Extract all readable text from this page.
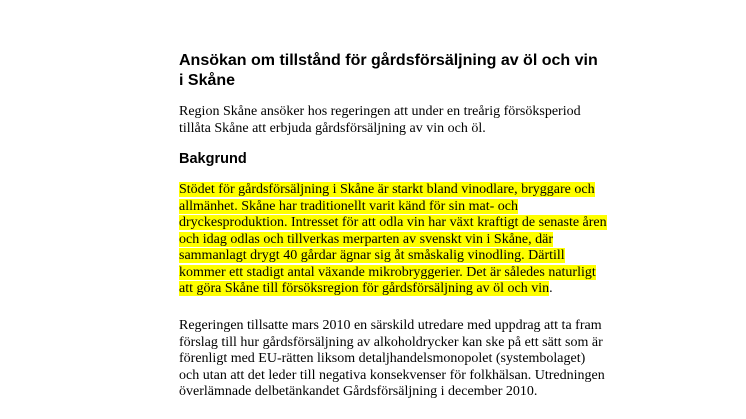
Ansökan om tillstånd för gårdsförsäljning av öl och vin
i Skåne

Region Skåne ansöker hos regeringen att under en treårig försöksperiod
tillåta Skåne att erbjuda gårdsförsäljning av vin och öl.

Bakgrund

Stödet för gårdsförsäljning i Skåne är starkt bland vinodlare, bryggare och
allmänhet. Skåne har traditionellt varit känd för sin mat- och
dryckesproduktion. Intresset för att odla vin har växt kraftigt de senaste åren
och idag odlas och tillverkas merparten av svenskt vin i Skåne, där
sammanlagt drygt 40 gårdar ägnar sig åt småskalig vinodling. Därtill
kommer ett stadigt antal växande mikrobryggerier. Det är således naturligt
att göra Skåne till försöksregion för gårdsförsäljning av öl och vin.

Regeringen tillsatte mars 2010 en särskild utredare med uppdrag att ta fram
förslag till hur gårdsförsäljning av alkoholdrycker kan ske på ett sätt som är
förenligt med EU-rätten liksom detaljhandelsmonopolet (systembolaget)
och utan att det leder till negativa konsekvenser för folkhälsan. Utredningen
överlämnade delbetänkandet Gårdsförsäljning i december 2010.
